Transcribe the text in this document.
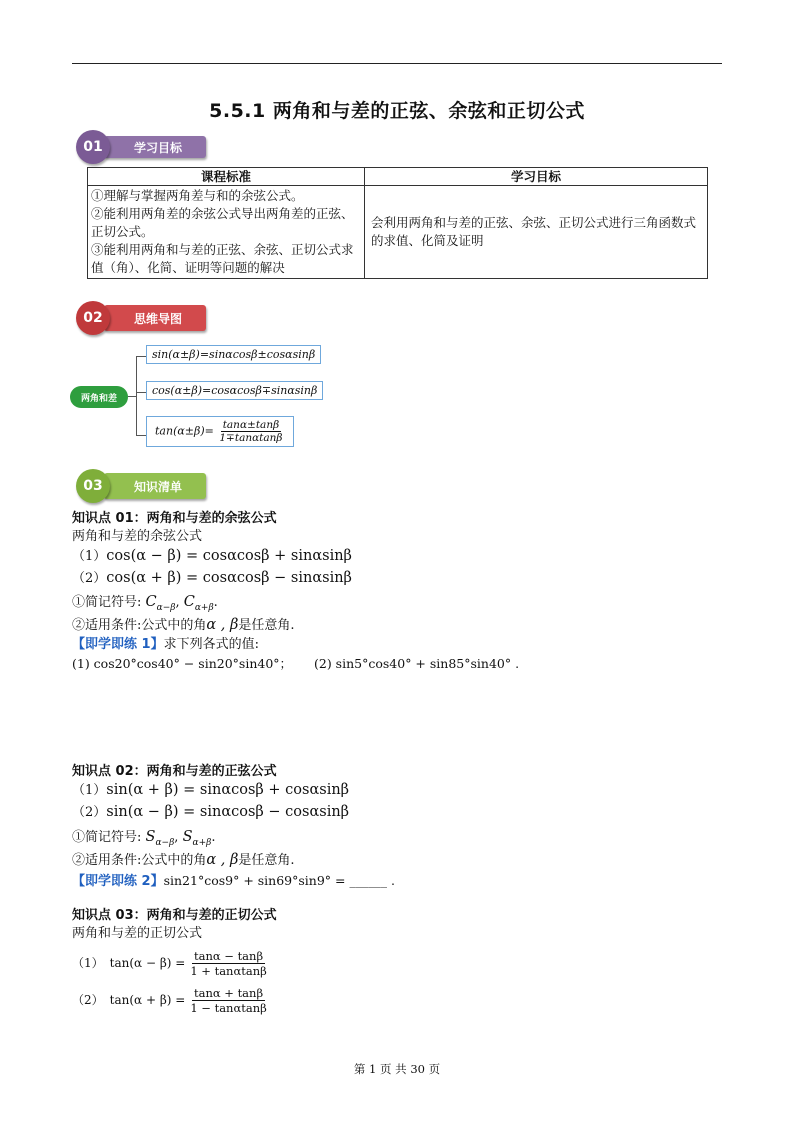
5.5.1 两角和与差的正弦、余弦和正切公式
01	学习目标
课程标准	学习目标

①理解与掌握两角差与和的余弦公式。
②能利用两角差的余弦公式导出两角差的正弦、正切公式。
③能利用两角和与差的正弦、余弦、正切公式求值（角）、化简、证明等问题的解决	会利用两角和与差的正弦、余弦、正切公式进行三角函数式的求值、化简及证明
02	思维导图
两角和差
sin(α±β)=sinαcosβ±cosαsinβ
cos(α±β)=cosαcosβ∓sinαsinβ
$\tan(\alpha\pm\beta)= \frac{\tan\alpha\pm\tan\beta}{1\mp\tan\alpha\tan\beta}$
03	知识清单
知识点 01：两角和与差的余弦公式
两角和与差的余弦公式
（1）cos(α − β) = cosαcosβ + sinαsinβ
（2）cos(α + β) = cosαcosβ − sinαsinβ
①简记符号: $C_{\alpha-\beta}$, $C_{\alpha+\beta}$.
②适用条件:公式中的角α , β是任意角.
【即学即练 1】求下列各式的值:
(1) cos20°cos40° − sin20°sin40°； (2) sin5°cos40° + sin85°sin40° .
知识点 02：两角和与差的正弦公式
（1）sin(α + β) = sinαcosβ + cosαsinβ
（2）sin(α − β) = sinαcosβ − cosαsinβ
①简记符号: $S_{\alpha-\beta}$, $S_{\alpha+\beta}$.
②适用条件:公式中的角α , β是任意角.
【即学即练 2】sin21°cos9° + sin69°sin9° = ______ .
知识点 03：两角和与差的正切公式
两角和与差的正切公式
（1） $\tan(\alpha - \beta) = \frac{\tan\alpha - \tan\beta}{1 + \tan\alpha\tan\beta}$
（2） $\tan(\alpha + \beta) = \frac{\tan\alpha + \tan\beta}{1 - \tan\alpha\tan\beta}$
第 1 页 共 30 页
